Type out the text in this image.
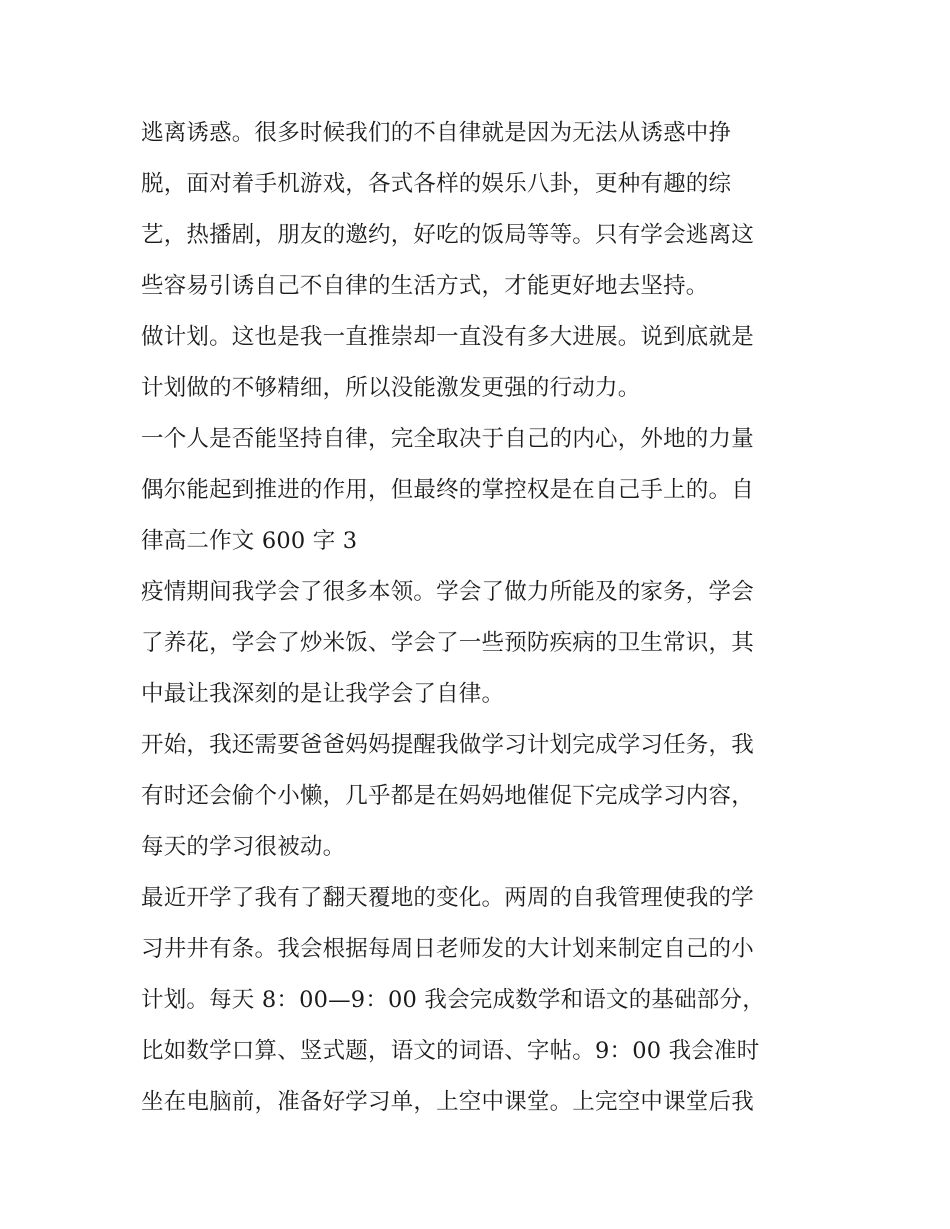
逃离诱惑。很多时候我们的不自律就是因为无法从诱惑中挣
脱，面对着手机游戏，各式各样的娱乐八卦，更种有趣的综
艺，热播剧，朋友的邀约，好吃的饭局等等。只有学会逃离这
些容易引诱自己不自律的生活方式，才能更好地去坚持。
做计划。这也是我一直推崇却一直没有多大进展。说到底就是
计划做的不够精细，所以没能激发更强的行动力。
一个人是否能坚持自律，完全取决于自己的内心，外地的力量
偶尔能起到推进的作用，但最终的掌控权是在自己手上的。自
律高二作文 600 字 3
疫情期间我学会了很多本领。学会了做力所能及的家务，学会
了养花，学会了炒米饭、学会了一些预防疾病的卫生常识，其
中最让我深刻的是让我学会了自律。
开始，我还需要爸爸妈妈提醒我做学习计划完成学习任务，我
有时还会偷个小懒，几乎都是在妈妈地催促下完成学习内容，
每天的学习很被动。
最近开学了我有了翻天覆地的变化。两周的自我管理使我的学
习井井有条。我会根据每周日老师发的大计划来制定自己的小
计划。每天 8：00—9：00 我会完成数学和语文的基础部分，
比如数学口算、竖式题，语文的词语、字帖。9：00 我会准时
坐在电脑前，准备好学习单，上空中课堂。上完空中课堂后我
